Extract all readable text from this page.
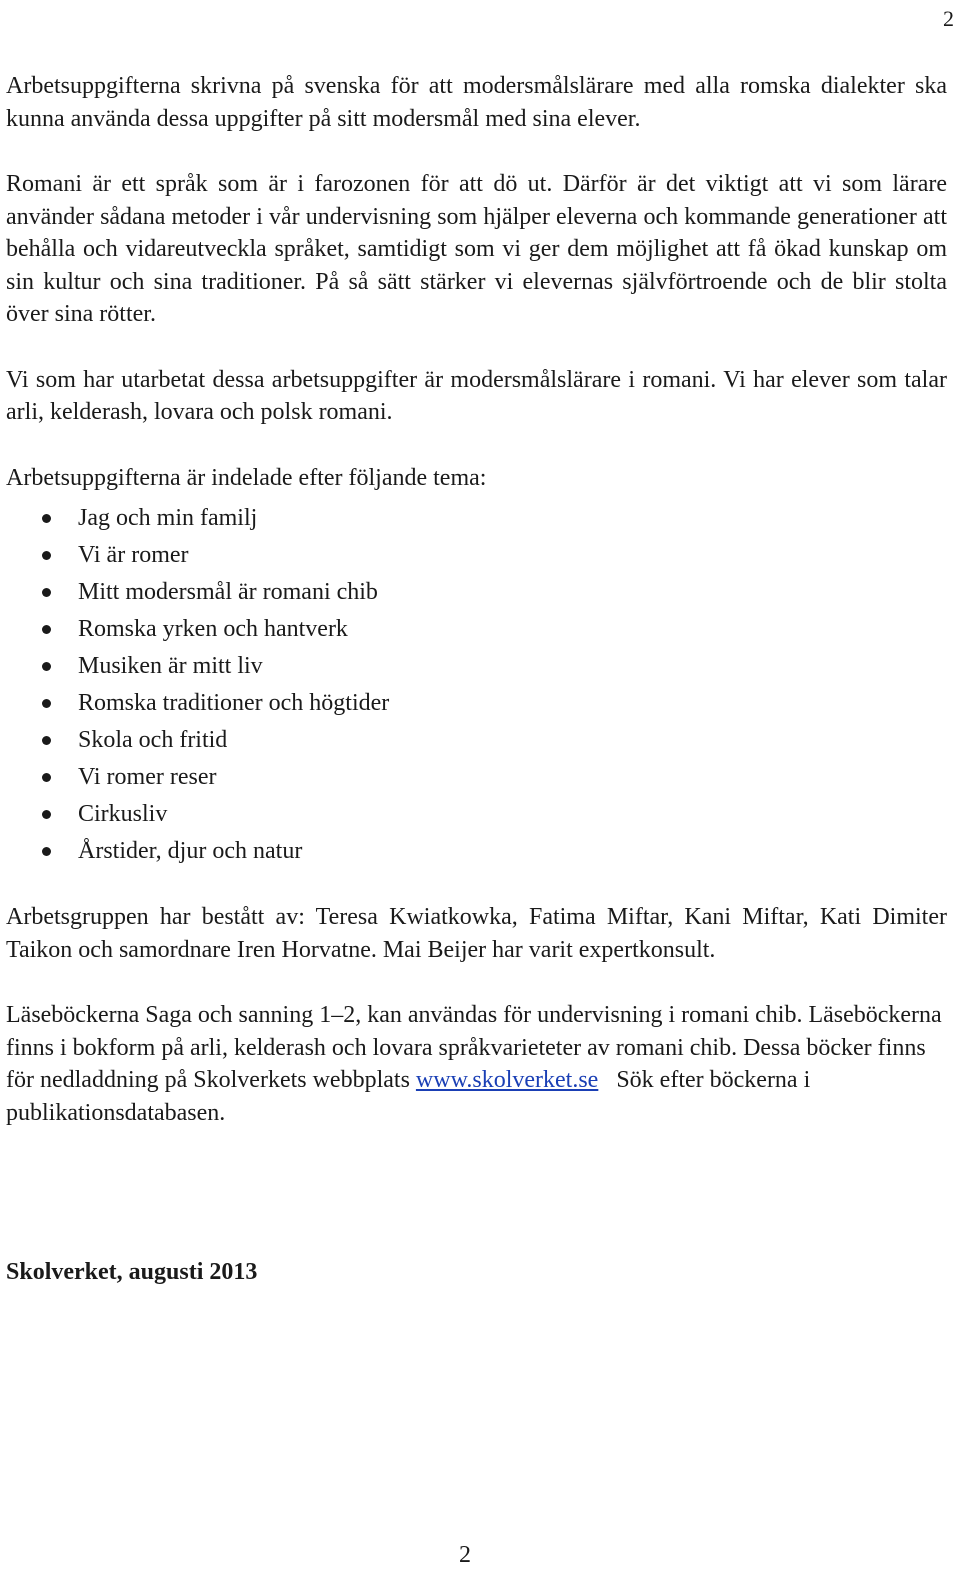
2

Arbetsuppgifterna skrivna på svenska för att modersmålslärare med alla romska dialekter ska kunna använda dessa uppgifter på sitt modersmål med sina elever.

Romani är ett språk som är i farozonen för att dö ut. Därför är det viktigt att vi som lärare använder sådana metoder i vår undervisning som hjälper eleverna och kommande generationer att behålla och vidareutveckla språket, samtidigt som vi ger dem möjlighet att få ökad kunskap om sin kultur och sina traditioner. På så sätt stärker vi elevernas självförtroende och de blir stolta över sina rötter.

Vi som har utarbetat dessa arbetsuppgifter är modersmålslärare i romani. Vi har elever som talar arli, kelderash, lovara och polsk romani.

Arbetsuppgifterna är indelade efter följande tema:

Jag och min familj
Vi är romer
Mitt modersmål är romani chib
Romska yrken och hantverk
Musiken är mitt liv
Romska traditioner och högtider
Skola och fritid
Vi romer reser
Cirkusliv
Årstider, djur och natur

Arbetsgruppen har bestått av: Teresa Kwiatkowka, Fatima Miftar, Kani Miftar, Kati Dimiter Taikon och samordnare Iren Horvatne. Mai Beijer har varit expertkonsult.

Läseböckerna Saga och sanning 1–2, kan användas för undervisning i romani chib. Läseböckerna finns i bokform på arli, kelderash och lovara språkvarieteter av romani chib. Dessa böcker finns för nedladdning på Skolverkets webbplats www.skolverket.se Sök efter böckerna i publikationsdatabasen.

Skolverket, augusti 2013
2
